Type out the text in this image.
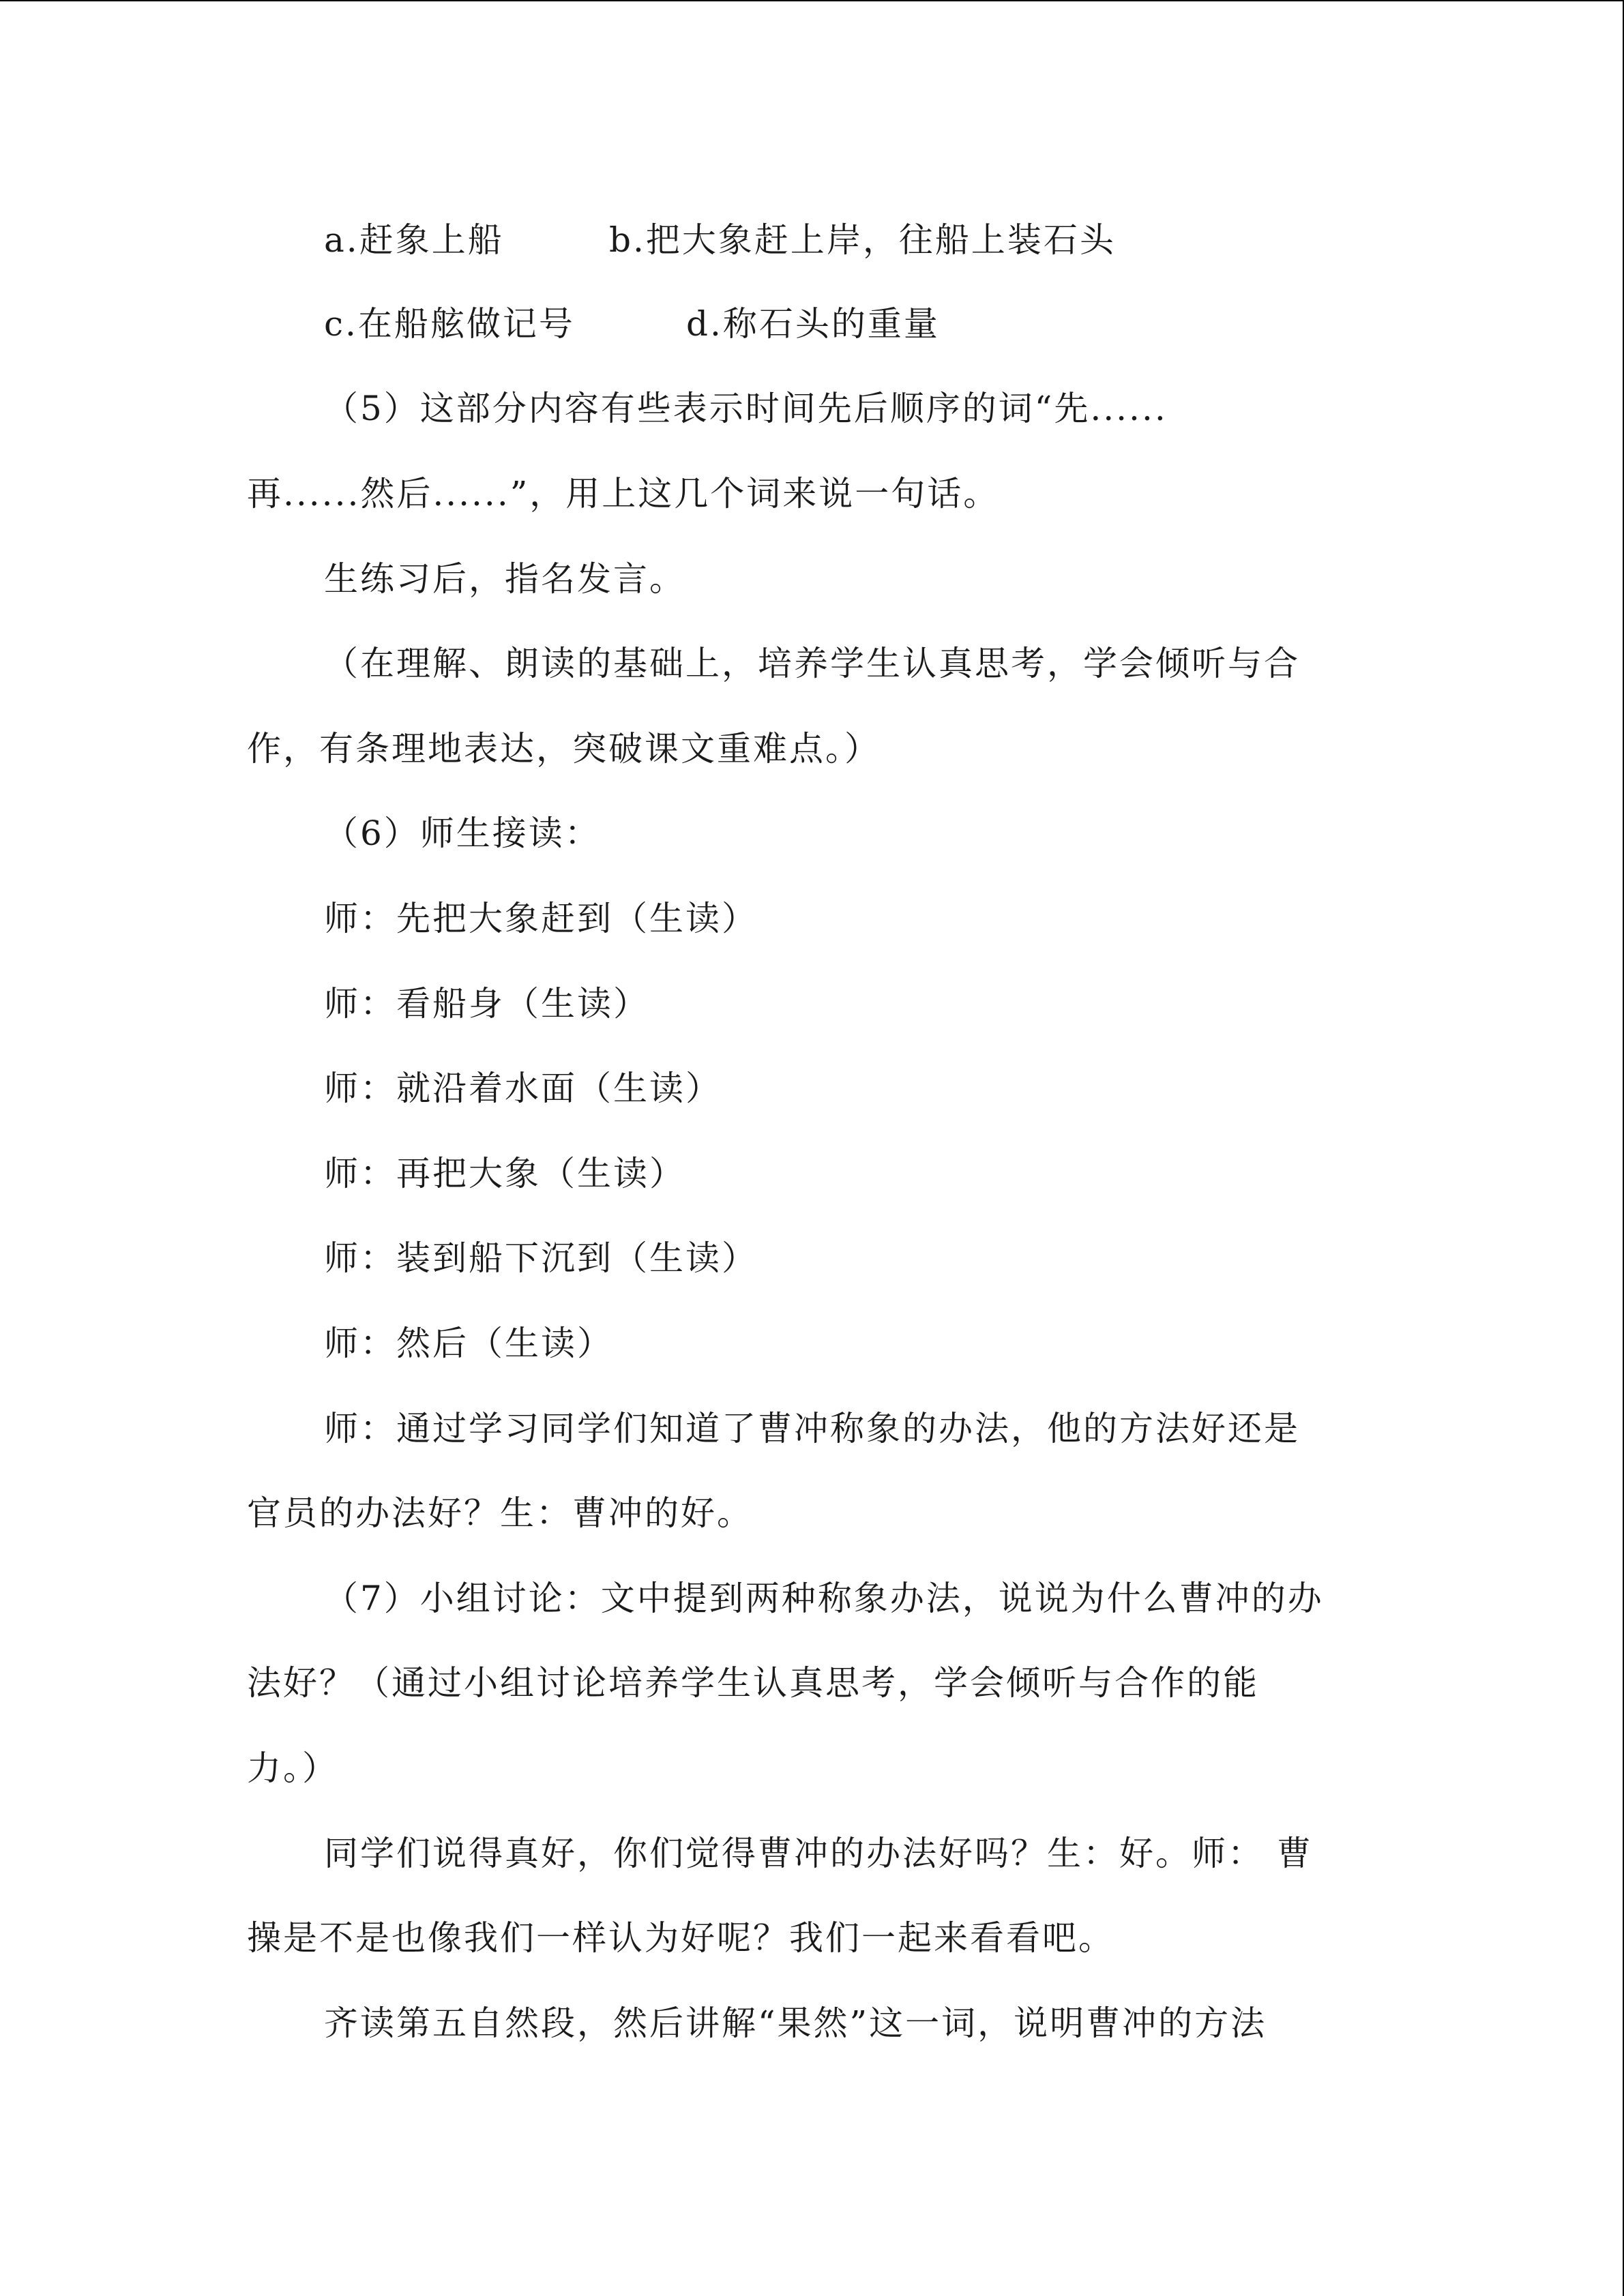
a.赶象上船	b.把大象赶上岸，往船上装石头
c.在船舷做记号	d.称石头的重量
（5）这部分内容有些表示时间先后顺序的词“先......
再......然后......”，用上这几个词来说一句话。
生练习后，指名发言。
（在理解、朗读的基础上，培养学生认真思考，学会倾听与合
作，有条理地表达，突破课文重难点。）
（6）师生接读：
师：先把大象赶到（生读）
师：看船身（生读）
师：就沿着水面（生读）
师：再把大象（生读）
师：装到船下沉到（生读）
师：然后（生读）
师：通过学习同学们知道了曹冲称象的办法，他的方法好还是
官员的办法好？生：曹冲的好。
（7）小组讨论：文中提到两种称象办法，说说为什么曹冲的办
法好？（通过小组讨论培养学生认真思考，学会倾听与合作的能
力。）
同学们说得真好，你们觉得曹冲的办法好吗？生：好。师： 曹
操是不是也像我们一样认为好呢？我们一起来看看吧。
齐读第五自然段，然后讲解“果然”这一词，说明曹冲的方法
